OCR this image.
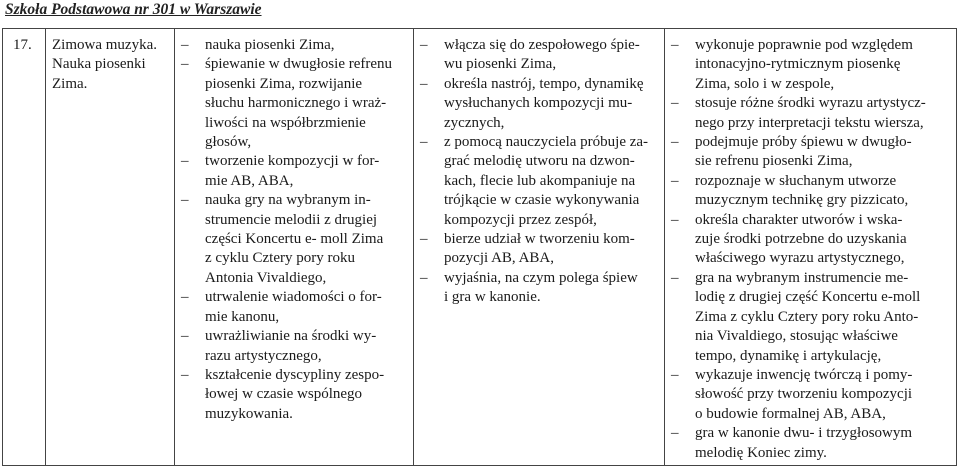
Szkoła Podstawowa nr 301 w Warszawie
17.	Zimowa muzyka.
Nauka piosenki
Zima.

–	nauka piosenki Zima,
–	śpiewanie w dwugłosie refrenu
piosenki Zima, rozwijanie
słuchu harmonicznego i wraż-
liwości na współbrzmienie
głosów,
–	tworzenie kompozycji w for-
mie AB, ABA,
–	nauka gry na wybranym in-
strumencie melodii z drugiej
części Koncertu e- moll Zima
z cyklu Cztery pory roku
Antonia Vivaldiego,
–	utrwalenie wiadomości o for-
mie kanonu,
–	uwrażliwianie na środki wy-
razu artystycznego,
–	kształcenie dyscypliny zespo-
łowej w czasie wspólnego
muzykowania.

–	włącza się do zespołowego śpie-
wu piosenki Zima,
–	określa nastrój, tempo, dynamikę
wysłuchanych kompozycji mu-
zycznych,
–	z pomocą nauczyciela próbuje za-
grać melodię utworu na dzwon-
kach, flecie lub akompaniuje na
trójkącie w czasie wykonywania
kompozycji przez zespół,
–	bierze udział w tworzeniu kom-
pozycji AB, ABA,
–	wyjaśnia, na czym polega śpiew
i gra w kanonie.

–	wykonuje poprawnie pod względem
intonacyjno-rytmicznym piosenkę
Zima, solo i w zespole,
–	stosuje różne środki wyrazu artystycz-
nego przy interpretacji tekstu wiersza,
–	podejmuje próby śpiewu w dwugło-
sie refrenu piosenki Zima,
–	rozpoznaje w słuchanym utworze
muzycznym technikę gry pizzicato,
–	określa charakter utworów i wska-
zuje środki potrzebne do uzyskania
właściwego wyrazu artystycznego,
–	gra na wybranym instrumencie me-
lodię z drugiej część Koncertu e-moll
Zima z cyklu Cztery pory roku Anto-
nia Vivaldiego, stosując właściwe
tempo, dynamikę i artykulację,
–	wykazuje inwencję twórczą i pomy-
słowość przy tworzeniu kompozycji
o budowie formalnej AB, ABA,
–	gra w kanonie dwu- i trzygłosowym
melodię Koniec zimy.
